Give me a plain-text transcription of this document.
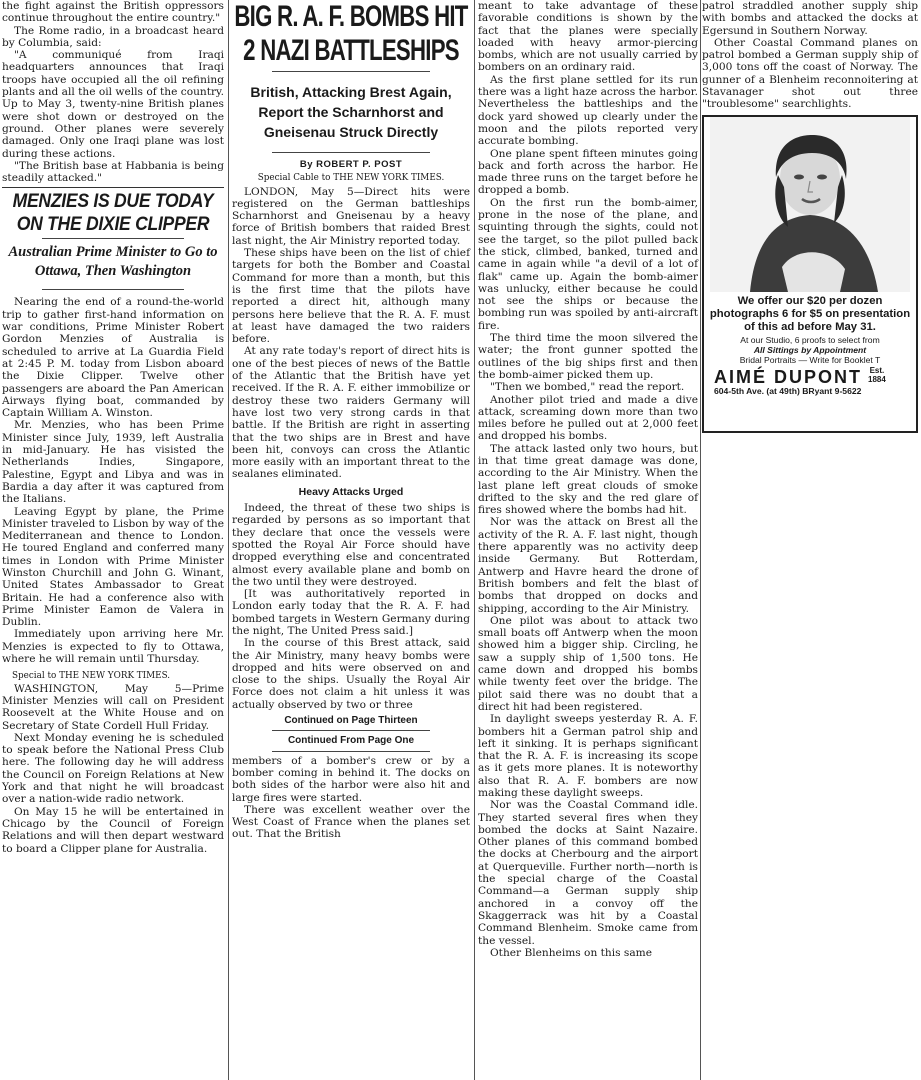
the fight against the British oppressors continue throughout the entire country."

The Rome radio, in a broadcast heard by Columbia, said:

"A communiqué from Iraqi headquarters announces that Iraqi troops have occupied all the oil refining plants and all the oil wells of the country. Up to May 3, twenty-nine British planes were shot down or destroyed on the ground. Other planes were severely damaged. Only one Iraqi plane was lost during these actions.

"The British base at Habbania is being steadily attacked."

MENZIES IS DUE TODAY
ON THE DIXIE CLIPPER
Australian Prime Minister to Go to Ottawa, Then Washington

Nearing the end of a round-the-world trip to gather first-hand information on war conditions, Prime Minister Robert Gordon Menzies of Australia is scheduled to arrive at La Guardia Field at 2:45 P. M. today from Lisbon aboard the Dixie Clipper. Twelve other passengers are aboard the Pan American Airways flying boat, commanded by Captain William A. Winston.

Mr. Menzies, who has been Prime Minister since July, 1939, left Australia in mid-January. He has visisted the Netherlands Indies, Singapore, Palestine, Egypt and Libya and was in Bardia a day after it was captured from the Italians.

Leaving Egypt by plane, the Prime Minister traveled to Lisbon by way of the Mediterranean and thence to London. He toured England and conferred many times in London with Prime Minister Winston Churchill and John G. Winant, United States Ambassador to Great Britain. He had a conference also with Prime Minister Eamon de Valera in Dublin.

Immediately upon arriving here Mr. Menzies is expected to fly to Ottawa, where he will remain until Thursday.

Special to THE NEW YORK TIMES.

WASHINGTON, May 5—Prime Minister Menzies will call on President Roosevelt at the White House and on Secretary of State Cordell Hull Friday.

Next Monday evening he is scheduled to speak before the National Press Club here. The following day he will address the Council on Foreign Relations at New York and that night he will broadcast over a nation-wide radio network.

On May 15 he will be entertained in Chicago by the Council of Foreign Relations and will then depart westward to board a Clipper plane for Australia.

BIG R. A. F. BOMBS HIT
2 NAZI BATTLESHIPS
British, Attacking Brest Again, Report the Scharnhorst and Gneisenau Struck Directly
By ROBERT P. POST
Special Cable to THE NEW YORK TIMES.

LONDON, May 5—Direct hits were registered on the German battleships Scharnhorst and Gneisenau by a heavy force of British bombers that raided Brest last night, the Air Ministry reported today.

These ships have been on the list of chief targets for both the Bomber and Coastal Command for more than a month, but this is the first time that the pilots have reported a direct hit, although many persons here believe that the R. A. F. must at least have damaged the two raiders before.

At any rate today's report of direct hits is one of the best pieces of news of the Battle of the Atlantic that the British have yet received. If the R. A. F. either immobilize or destroy these two raiders Germany will have lost two very strong cards in that battle. If the British are right in asserting that the two ships are in Brest and have been hit, convoys can cross the Atlantic more easily with an important threat to the sealanes eliminated.

Heavy Attacks Urged

Indeed, the threat of these two ships is regarded by persons as so important that they declare that once the vessels were spotted the Royal Air Force should have dropped everything else and concentrated almost every available plane and bomb on the two until they were destroyed.

[It was authoritatively reported in London early today that the R. A. F. had bombed targets in Western Germany during the night, The United Press said.]

In the course of this Brest attack, said the Air Ministry, many heavy bombs were dropped and hits were observed on and close to the ships. Usually the Royal Air Force does not claim a hit unless it was actually observed by two or three

Continued on Page Thirteen
Continued From Page One

members of a bomber's crew or by a bomber coming in behind it. The docks on both sides of the harbor were also hit and large fires were started.

There was excellent weather over the West Coast of France when the planes set out. That the British

meant to take advantage of these favorable conditions is shown by the fact that the planes were specially loaded with heavy armor-piercing bombs, which are not usually carried by bombers on an ordinary raid.

As the first plane settled for its run there was a light haze across the harbor. Nevertheless the battleships and the dock yard showed up clearly under the moon and the pilots reported very accurate bombing.

One plane spent fifteen minutes going back and forth across the harbor. He made three runs on the target before he dropped a bomb.

On the first run the bomb-aimer, prone in the nose of the plane, and squinting through the sights, could not see the target, so the pilot pulled back the stick, climbed, banked, turned and came in again while "a devil of a lot of flak" came up. Again the bomb-aimer was unlucky, either because he could not see the ships or because the bombing run was spoiled by anti-aircraft fire.

The third time the moon silvered the water; the front gunner spotted the outlines of the big ships first and then the bomb-aimer picked them up.

"Then we bombed," read the report.

Another pilot tried and made a dive attack, screaming down more than two miles before he pulled out at 2,000 feet and dropped his bombs.

The attack lasted only two hours, but in that time great damage was done, according to the Air Ministry. When the last plane left great clouds of smoke drifted to the sky and the red glare of fires showed where the bombs had hit.

Nor was the attack on Brest all the activity of the R. A. F. last night, though there apparently was no activity deep inside Germany. But Rotterdam, Antwerp and Havre heard the drone of British bombers and felt the blast of bombs that dropped on docks and shipping, according to the Air Ministry.

One pilot was about to attack two small boats off Antwerp when the moon showed him a bigger ship. Circling, he saw a supply ship of 1,500 tons. He came down and dropped his bombs while twenty feet over the bridge. The pilot said there was no doubt that a direct hit had been registered.

In daylight sweeps yesterday R. A. F. bombers hit a German patrol ship and left it sinking. It is perhaps significant that the R. A. F. is increasing its scope as it gets more planes. It is noteworthy also that R. A. F. bombers are now making these daylight sweeps.

Nor was the Coastal Command idle. They started several fires when they bombed the docks at Saint Nazaire. Other planes of this command bombed the docks at Cherbourg and the airport at Querqueville. Further north—north is the special charge of the Coastal Command—a German supply ship anchored in a convoy off the Skaggerrack was hit by a Coastal Command Blenheim. Smoke came from the vessel.

Other Blenheims on this same

patrol straddled another supply ship with bombs and attacked the docks at Egersund in Southern Norway.

Other Coastal Command planes on patrol bombed a German supply ship of 3,000 tons off the coast of Norway. The gunner of a Blenheim reconnoitering at Stavanager shot out three "troublesome" searchlights.

We offer our $20 per dozen photographs 6 for $5 on presentation of this ad before May 31.
At our Studio, 6 proofs to select from
All Sittings by Appointment
Bridal Portraits — Write for Booklet T
AIMÉ DUPONT Est.
1884
604-5th Ave. (at 49th) BRyant 9-5622
